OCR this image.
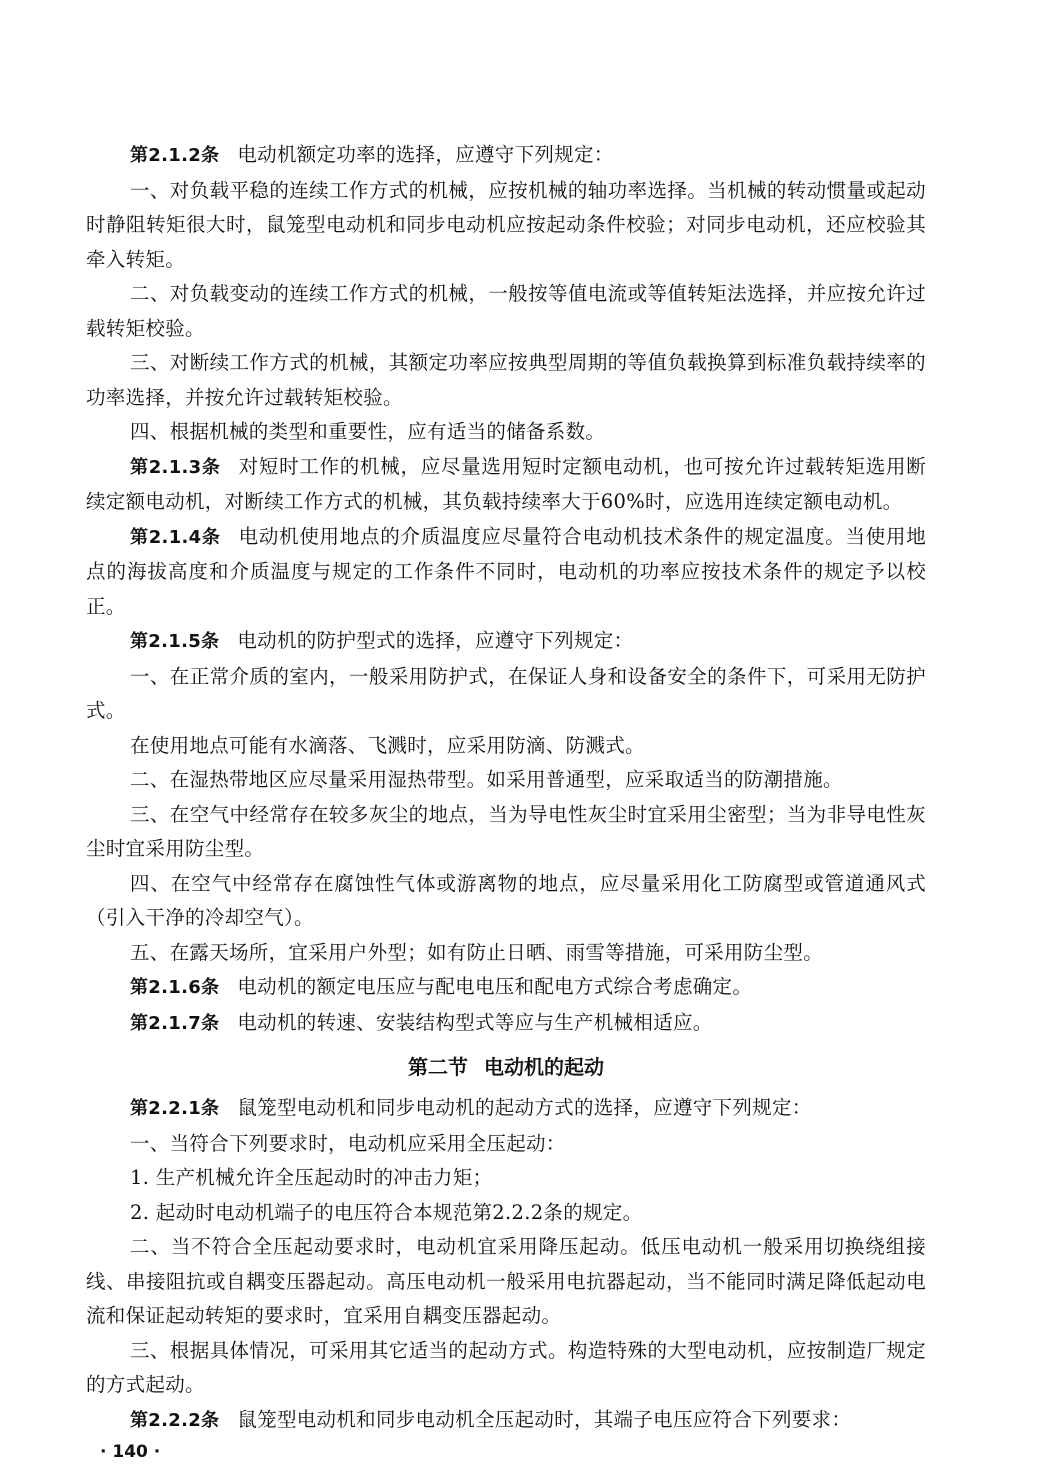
第2.1.2条 电动机额定功率的选择，应遵守下列规定：

一、对负载平稳的连续工作方式的机械，应按机械的轴功率选择。当机械的转动惯量或起动时静阻转矩很大时，鼠笼型电动机和同步电动机应按起动条件校验；对同步电动机，还应校验其牵入转矩。

二、对负载变动的连续工作方式的机械，一般按等值电流或等值转矩法选择，并应按允许过载转矩校验。

三、对断续工作方式的机械，其额定功率应按典型周期的等值负载换算到标准负载持续率的功率选择，并按允许过载转矩校验。

四、根据机械的类型和重要性，应有适当的储备系数。

第2.1.3条 对短时工作的机械，应尽量选用短时定额电动机，也可按允许过载转矩选用断续定额电动机，对断续工作方式的机械，其负载持续率大于60%时，应选用连续定额电动机。

第2.1.4条 电动机使用地点的介质温度应尽量符合电动机技术条件的规定温度。当使用地点的海拔高度和介质温度与规定的工作条件不同时，电动机的功率应按技术条件的规定予以校正。

第2.1.5条 电动机的防护型式的选择，应遵守下列规定：

一、在正常介质的室内，一般采用防护式，在保证人身和设备安全的条件下，可采用无防护式。

在使用地点可能有水滴落、飞溅时，应采用防滴、防溅式。

二、在湿热带地区应尽量采用湿热带型。如采用普通型，应采取适当的防潮措施。

三、在空气中经常存在较多灰尘的地点，当为导电性灰尘时宜采用尘密型；当为非导电性灰尘时宜采用防尘型。

四、在空气中经常存在腐蚀性气体或游离物的地点，应尽量采用化工防腐型或管道通风式（引入干净的冷却空气）。

五、在露天场所，宜采用户外型；如有防止日晒、雨雪等措施，可采用防尘型。

第2.1.6条 电动机的额定电压应与配电电压和配电方式综合考虑确定。

第2.1.7条 电动机的转速、安装结构型式等应与生产机械相适应。

第二节 电动机的起动

第2.2.1条 鼠笼型电动机和同步电动机的起动方式的选择，应遵守下列规定：

一、当符合下列要求时，电动机应采用全压起动：

1. 生产机械允许全压起动时的冲击力矩；

2. 起动时电动机端子的电压符合本规范第2.2.2条的规定。

二、当不符合全压起动要求时，电动机宜采用降压起动。低压电动机一般采用切换绕组接线、串接阻抗或自耦变压器起动。高压电动机一般采用电抗器起动，当不能同时满足降低起动电流和保证起动转矩的要求时，宜采用自耦变压器起动。

三、根据具体情况，可采用其它适当的起动方式。构造特殊的大型电动机，应按制造厂规定的方式起动。

第2.2.2条 鼠笼型电动机和同步电动机全压起动时，其端子电压应符合下列要求：

· 140 ·
